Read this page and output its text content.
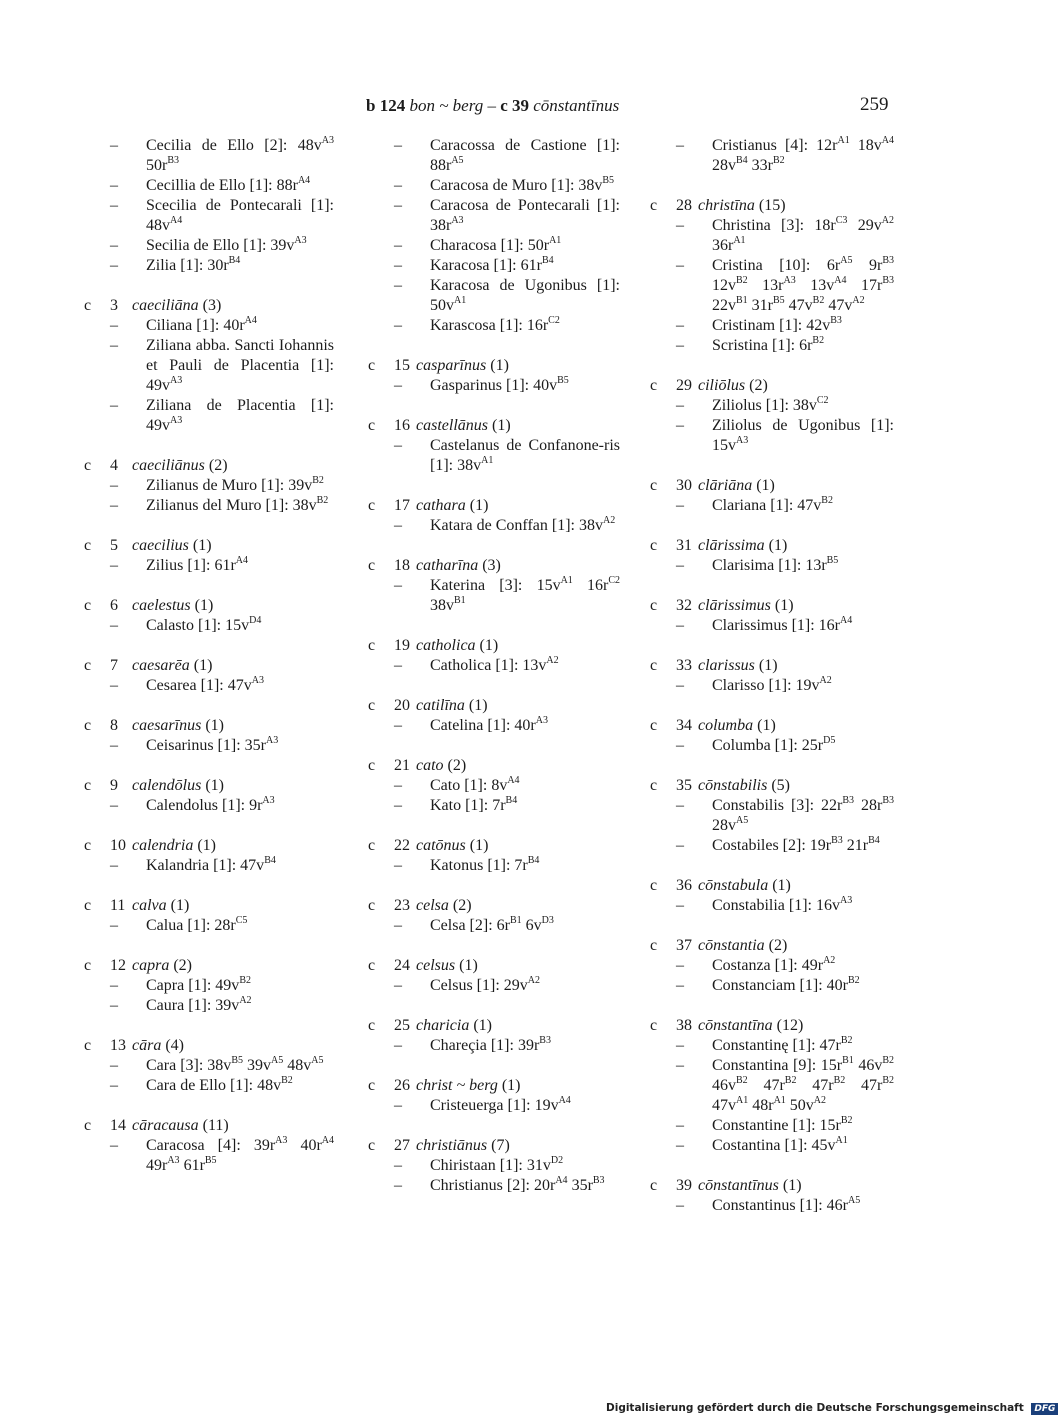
b 124 bon ~ berg – c 39 cōnstantīnus	259
– Cecilia de Ello [2]: $48v^{A3}$ $50r^{B3}$
– Cecillia de Ello [1]: $88r^{A4}$
– Scecilia de Pontecarali [1]: $48v^{A4}$
– Secilia de Ello [1]: $39v^{A3}$
– Zilia [1]: $30r^{B4}$
c 3 caeciliāna (3)
– Ciliana [1]: $40r^{A4}$
– Ziliana abba. Sancti Iohannis et Pauli de Placentia [1]: $49v^{A3}$
– Ziliana de Placentia [1]: $49v^{A3}$
c 4 caeciliānus (2)
– Zilianus de Muro [1]: $39v^{B2}$
– Zilianus del Muro [1]: $38v^{B2}$
c 5 caecilius (1)
– Zilius [1]: $61r^{A4}$
c 6 caelestus (1)
– Calasto [1]: $15v^{D4}$
c 7 caesarēa (1)
– Cesarea [1]: $47v^{A3}$
c 8 caesarīnus (1)
– Ceisarinus [1]: $35r^{A3}$
c 9 calendōlus (1)
– Calendolus [1]: $9r^{A3}$
c 10 calendria (1)
– Kalandria [1]: $47v^{B4}$
c 11 calva (1)
– Calua [1]: $28r^{C5}$
c 12 capra (2)
– Capra [1]: $49v^{B2}$
– Caura [1]: $39v^{A2}$
c 13 cāra (4)
– Cara [3]: $38v^{B5}$ $39v^{A5}$ $48v^{A5}$
– Cara de Ello [1]: $48v^{B2}$
c 14 cāracausa (11)
– Caracosa [4]: $39r^{A3}$ $40r^{A4}$ $49r^{A3}$ $61r^{B5}$
– Caracossa de Castione [1]: $88r^{A5}$
– Caracosa de Muro [1]: $38v^{B5}$
– Caracosa de Pontecarali [1]: $38r^{A3}$
– Characosa [1]: $50r^{A1}$
– Karacosa [1]: $61r^{B4}$
– Karacosa de Ugonibus [1]: $50v^{A1}$
– Karascosa [1]: $16r^{C2}$
c 15 casparīnus (1)
– Gasparinus [1]: $40v^{B5}$
c 16 castellānus (1)
– Castelanus de Confanone-ris [1]: $38v^{A1}$
c 17 cathara (1)
– Katara de Conffan [1]: $38v^{A2}$
c 18 catharīna (3)
– Katerina [3]: $15v^{A1}$ $16r^{C2}$ $38v^{B1}$
c 19 catholica (1)
– Catholica [1]: $13v^{A2}$
c 20 catilīna (1)
– Catelina [1]: $40r^{A3}$
c 21 cato (2)
– Cato [1]: $8v^{A4}$
– Kato [1]: $7r^{B4}$
c 22 catōnus (1)
– Katonus [1]: $7r^{B4}$
c 23 celsa (2)
– Celsa [2]: $6r^{B1}$ $6v^{D3}$
c 24 celsus (1)
– Celsus [1]: $29v^{A2}$
c 25 charicia (1)
– Chareçia [1]: $39r^{B3}$
c 26 christ ~ berg (1)
– Cristeuerga [1]: $19v^{A4}$
c 27 christiānus (7)
– Chiristaan [1]: $31v^{D2}$
– Christianus [2]: $20r^{A4}$ $35r^{B3}$
– Cristianus [4]: $12r^{A1}$ $18v^{A4}$ $28v^{B4}$ $33r^{B2}$
c 28 christīna (15)
– Christina [3]: $18r^{C3}$ $29v^{A2}$ $36r^{A1}$
– Cristina [10]: $6r^{A5}$ $9r^{B3}$ $12v^{B2}$ $13r^{A3}$ $13v^{A4}$ $17r^{B3}$ $22v^{B1}$ $31r^{B5}$ $47v^{B2}$ $47v^{A2}$
– Cristinam [1]: $42v^{B3}$
– Scristina [1]: $6r^{B2}$
c 29 ciliōlus (2)
– Ziliolus [1]: $38v^{C2}$
– Ziliolus de Ugonibus [1]: $15v^{A3}$
c 30 clāriāna (1)
– Clariana [1]: $47v^{B2}$
c 31 clārissima (1)
– Clarisima [1]: $13r^{B5}$
c 32 clārissimus (1)
– Clarissimus [1]: $16r^{A4}$
c 33 clarissus (1)
– Clarisso [1]: $19v^{A2}$
c 34 columba (1)
– Columba [1]: $25r^{D5}$
c 35 cōnstabilis (5)
– Constabilis [3]: $22r^{B3}$ $28r^{B3}$ $28v^{A5}$
– Costabiles [2]: $19r^{B3}$ $21r^{B4}$
c 36 cōnstabula (1)
– Constabilia [1]: $16v^{A3}$
c 37 cōnstantia (2)
– Costanza [1]: $49r^{A2}$
– Constanciam [1]: $40r^{B2}$
c 38 cōnstantīna (12)
– Constantinę [1]: $47r^{B2}$
– Constantina [9]: $15r^{B1}$ $46v^{B2}$ $46v^{B2}$ $47r^{B2}$ $47r^{B2}$ $47r^{B2}$ $47v^{A1}$ $48r^{A1}$ $50v^{A2}$
– Constantine [1]: $15r^{B2}$
– Costantina [1]: $45v^{A1}$
c 39 cōnstantīnus (1)
– Constantinus [1]: $46r^{A5}$
Digitalisierung gefördert durch die Deutsche Forschungsgemeinschaft DFG
